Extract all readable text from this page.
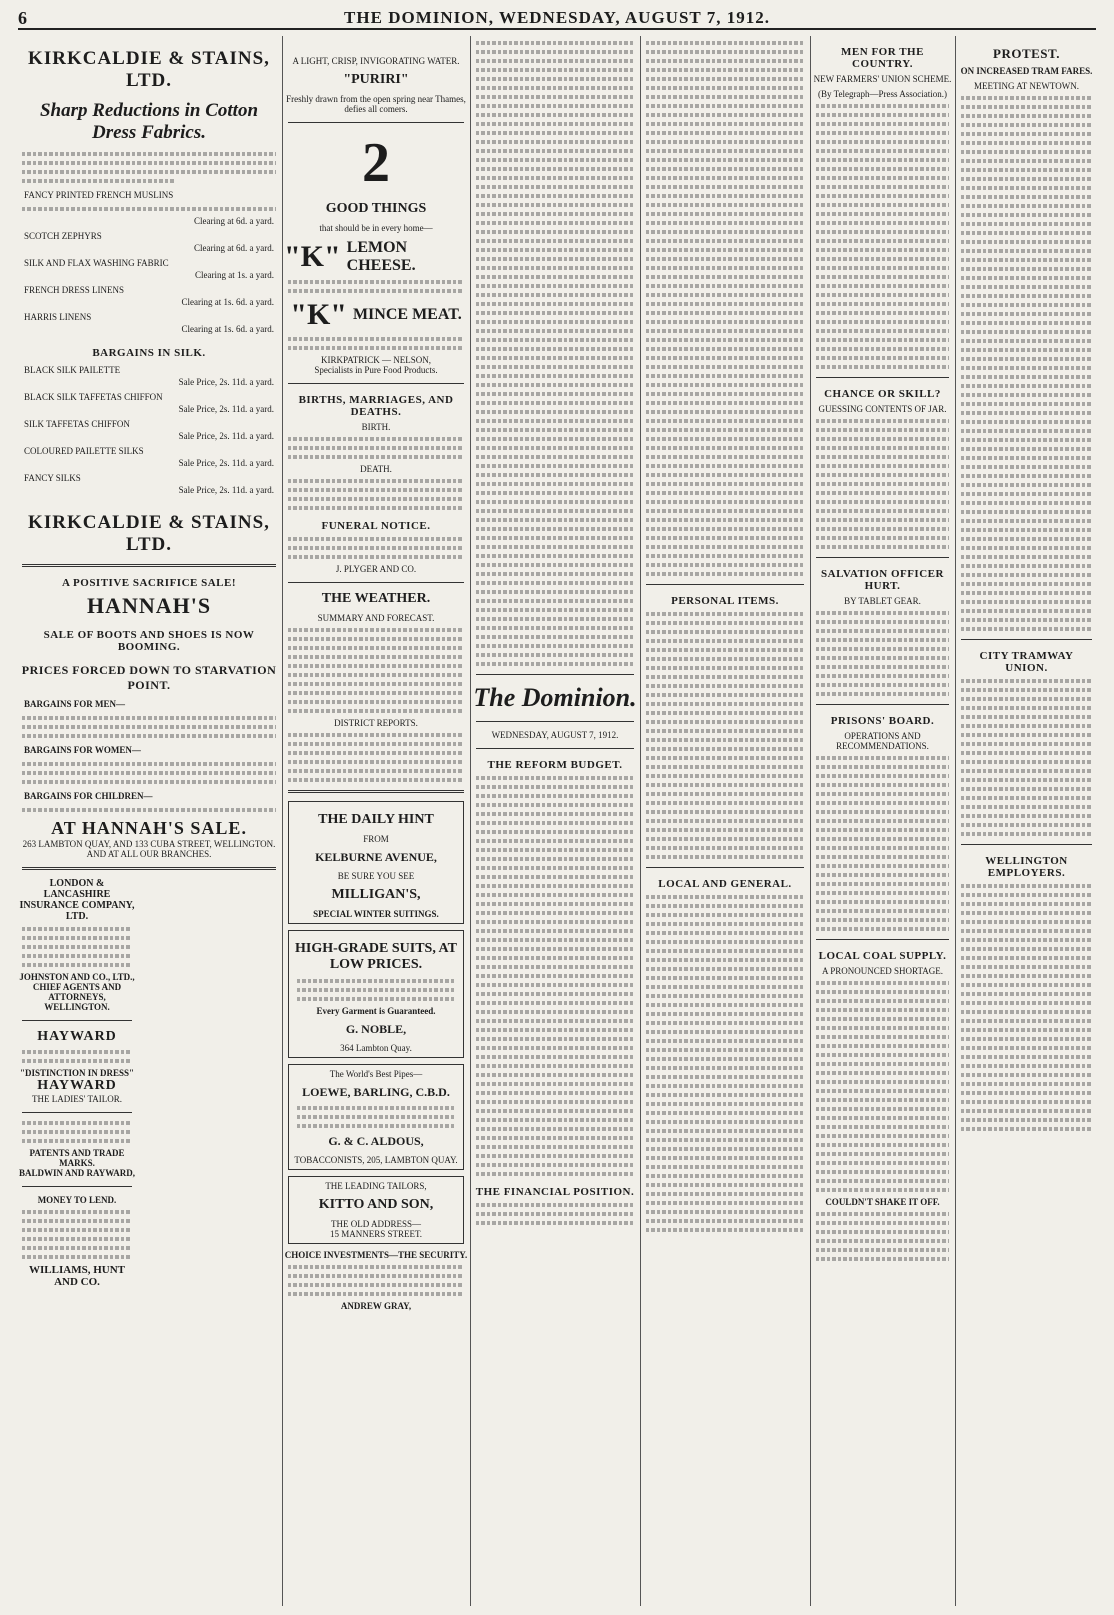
6	THE DOMINION, WEDNESDAY, AUGUST 7, 1912.
KIRKCALDIE & STAINS, LTD.
Sharp Reductions in Cotton Dress Fabrics.
FANCY PRINTED FRENCH MUSLINS
Clearing at 6d. a yard.
SCOTCH ZEPHYRS
Clearing at 6d. a yard.
SILK AND FLAX WASHING FABRIC
Clearing at 1s. a yard.
FRENCH DRESS LINENS
Clearing at 1s. 6d. a yard.
HARRIS LINENS
Clearing at 1s. 6d. a yard.
BARGAINS IN SILK.
BLACK SILK PAILETTE
Sale Price, 2s. 11d. a yard.
BLACK SILK TAFFETAS CHIFFON
Sale Price, 2s. 11d. a yard.
SILK TAFFETAS CHIFFON
Sale Price, 2s. 11d. a yard.
COLOURED PAILETTE SILKS
Sale Price, 2s. 11d. a yard.
FANCY SILKS
Sale Price, 2s. 11d. a yard.
KIRKCALDIE & STAINS, LTD.
A POSITIVE SACRIFICE SALE!
HANNAH'S
SALE OF BOOTS AND SHOES IS NOW BOOMING.
PRICES FORCED DOWN TO STARVATION POINT.
BARGAINS FOR MEN—
BARGAINS FOR WOMEN—
BARGAINS FOR CHILDREN—
AT HANNAH'S SALE.
263 LAMBTON QUAY, AND 133 CUBA STREET, WELLINGTON. AND AT ALL OUR BRANCHES.
LONDON & LANCASHIRE INSURANCE COMPANY, LTD.
JOHNSTON AND CO., LTD., CHIEF AGENTS AND ATTORNEYS, WELLINGTON.
HAYWARD
"DISTINCTION IN DRESS"
HAYWARD
THE LADIES' TAILOR.
PATENTS AND TRADE MARKS.
BALDWIN AND RAYWARD,
MONEY TO LEND.
WILLIAMS, HUNT AND CO.
A LIGHT, CRISP, INVIGORATING WATER.
"PURIRI"
Freshly drawn from the open spring near Thames, defies all comers.
2
GOOD THINGS
that should be in every home—
"K" LEMON CHEESE.
"K" MINCE MEAT.
KIRKPATRICK — NELSON,
Specialists in Pure Food Products.
BIRTHS, MARRIAGES, AND DEATHS.
BIRTH.
DEATH.
FUNERAL NOTICE.
J. PLYGER AND CO.
THE WEATHER.
SUMMARY AND FORECAST.
DISTRICT REPORTS.
THE DAILY HINT
FROM
KELBURNE AVENUE,
BE SURE YOU SEE
MILLIGAN'S,
SPECIAL WINTER SUITINGS.
HIGH-GRADE SUITS, AT LOW PRICES.
Every Garment is Guaranteed.
G. NOBLE,
364 Lambton Quay.
The World's Best Pipes—
LOEWE, BARLING, C.B.D.
G. & C. ALDOUS,
TOBACCONISTS, 205, LAMBTON QUAY.
THE LEADING TAILORS,
KITTO AND SON,
THE OLD ADDRESS—
15 MANNERS STREET.
CHOICE INVESTMENTS—THE SECURITY.
ANDREW GRAY,
The Dominion.
WEDNESDAY, AUGUST 7, 1912.
THE REFORM BUDGET.
THE FINANCIAL POSITION.
PERSONAL ITEMS.
LOCAL AND GENERAL.
MEN FOR THE COUNTRY.
NEW FARMERS' UNION SCHEME.
(By Telegraph—Press Association.)
CHANCE OR SKILL?
GUESSING CONTENTS OF JAR.
SALVATION OFFICER HURT.
BY TABLET GEAR.
PRISONS' BOARD.
OPERATIONS AND RECOMMENDATIONS.
LOCAL COAL SUPPLY.
A PRONOUNCED SHORTAGE.
COULDN'T SHAKE IT OFF.
PROTEST.
ON INCREASED TRAM FARES.
MEETING AT NEWTOWN.
CITY TRAMWAY UNION.
WELLINGTON EMPLOYERS.
